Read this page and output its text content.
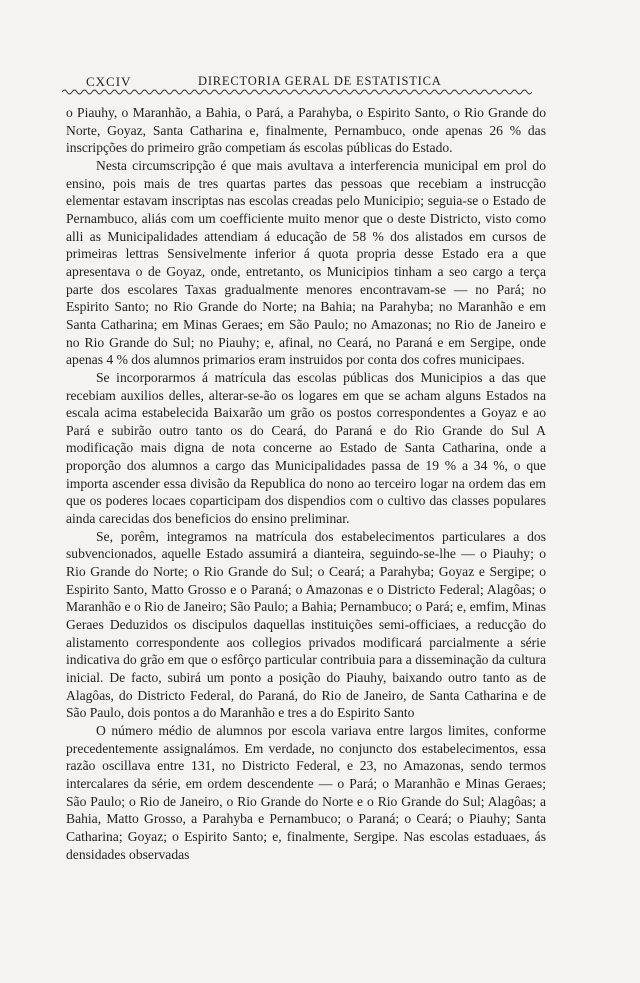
CXCIV	DIRECTORIA GERAL DE ESTATISTICA

o Piauhy, o Maranhão, a Bahia, o Pará, a Parahyba, o Espirito Santo, o Rio Grande do Norte, Goyaz, Santa Catharina e, finalmente, Pernambuco, onde apenas 26 % das inscripções do primeiro grão competiam ás escolas públicas do Estado.

Nesta circumscripção é que mais avultava a interferencia municipal em prol do ensino, pois mais de tres quartas partes das pessoas que recebiam a instrucção elementar estavam inscriptas nas escolas creadas pelo Municipio; seguia-se o Estado de Pernambuco, aliás com um coefficiente muito menor que o deste Districto, visto como alli as Municipalidades attendiam á educação de 58 % dos alistados em cursos de primeiras lettras Sensivelmente inferior á quota propria desse Estado era a que apresentava o de Goyaz, onde, entretanto, os Municipios tinham a seo cargo a terça parte dos escolares Taxas gradualmente menores encontravam-se — no Pará; no Espirito Santo; no Rio Grande do Norte; na Bahia; na Parahyba; no Maranhão e em Santa Catharina; em Minas Geraes; em São Paulo; no Amazonas; no Rio de Janeiro e no Rio Grande do Sul; no Piauhy; e, afinal, no Ceará, no Paraná e em Sergipe, onde apenas 4 % dos alumnos primarios eram instruidos por conta dos cofres municipaes.

Se incorporarmos á matrícula das escolas públicas dos Municipios a das que recebiam auxilios delles, alterar-se-ão os logares em que se acham alguns Estados na escala acima estabelecida Baixarão um grão os postos correspondentes a Goyaz e ao Pará e subirão outro tanto os do Ceará, do Paraná e do Rio Grande do Sul A modificação mais digna de nota concerne ao Estado de Santa Catharina, onde a proporção dos alumnos a cargo das Municipalidades passa de 19 % a 34 %, o que importa ascender essa divisão da Republica do nono ao terceiro logar na ordem das em que os poderes locaes coparticipam dos dispendios com o cultivo das classes populares ainda carecidas dos beneficios do ensino preliminar.

Se, porêm, integramos na matrícula dos estabelecimentos particulares a dos subvencionados, aquelle Estado assumirá a dianteira, seguindo-se-lhe — o Piauhy; o Rio Grande do Norte; o Rio Grande do Sul; o Ceará; a Parahyba; Goyaz e Sergipe; o Espirito Santo, Matto Grosso e o Paraná; o Amazonas e o Districto Federal; Alagôas; o Maranhão e o Rio de Janeiro; São Paulo; a Bahia; Pernambuco; o Pará; e, emfim, Minas Geraes Deduzidos os discipulos daquellas instituições semi-officiaes, a reducção do alistamento correspondente aos collegios privados modificará parcialmente a série indicativa do grão em que o esfôrço particular contribuia para a disseminação da cultura inicial. De facto, subirá um ponto a posição do Piauhy, baixando outro tanto as de Alagôas, do Districto Federal, do Paraná, do Rio de Janeiro, de Santa Catharina e de São Paulo, dois pontos a do Maranhão e tres a do Espirito Santo

O número médio de alumnos por escola variava entre largos limites, conforme precedentemente assignalámos. Em verdade, no conjuncto dos estabelecimentos, essa razão oscillava entre 131, no Districto Federal, e 23, no Amazonas, sendo termos intercalares da série, em ordem descendente — o Pará; o Maranhão e Minas Geraes; São Paulo; o Rio de Janeiro, o Rio Grande do Norte e o Rio Grande do Sul; Alagôas; a Bahia, Matto Grosso, a Parahyba e Pernambuco; o Paraná; o Ceará; o Piauhy; Santa Catharina; Goyaz; o Espirito Santo; e, finalmente, Sergipe. Nas escolas estaduaes, ás densidades observadas
